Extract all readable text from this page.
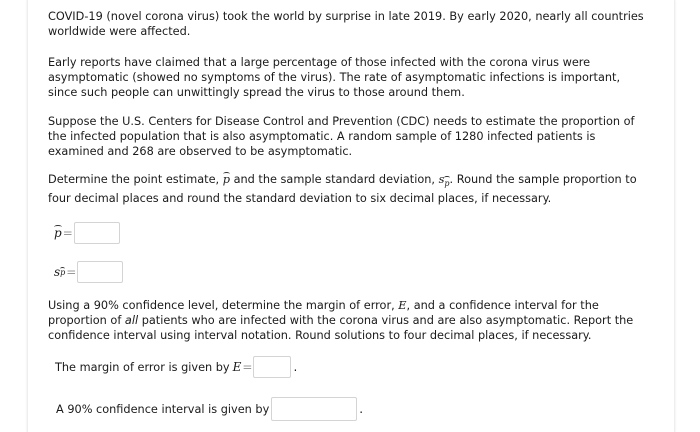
COVID-19 (novel corona virus) took the world by surprise in late 2019. By early 2020, nearly all countries worldwide were affected.

Early reports have claimed that a large percentage of those infected with the corona virus were asymptomatic (showed no symptoms of the virus). The rate of asymptomatic infections is important, since such people can unwittingly spread the virus to those around them.

Suppose the U.S. Centers for Disease Control and Prevention (CDC) needs to estimate the proportion of the infected population that is also asymptomatic. A random sample of 1280 infected patients is examined and 268 are observed to be asymptomatic.

Determine the point estimate, p and the sample standard deviation, sp. Round the sample proportion to four decimal places and round the standard deviation to six decimal places, if necessary.

p =
s p =

Using a 90% confidence level, determine the margin of error, E, and a confidence interval for the proportion of all patients who are infected with the corona virus and are also asymptomatic. Report the confidence interval using interval notation. Round solutions to four decimal places, if necessary.

The margin of error is given by E =	.
A 90% confidence interval is given by	.
